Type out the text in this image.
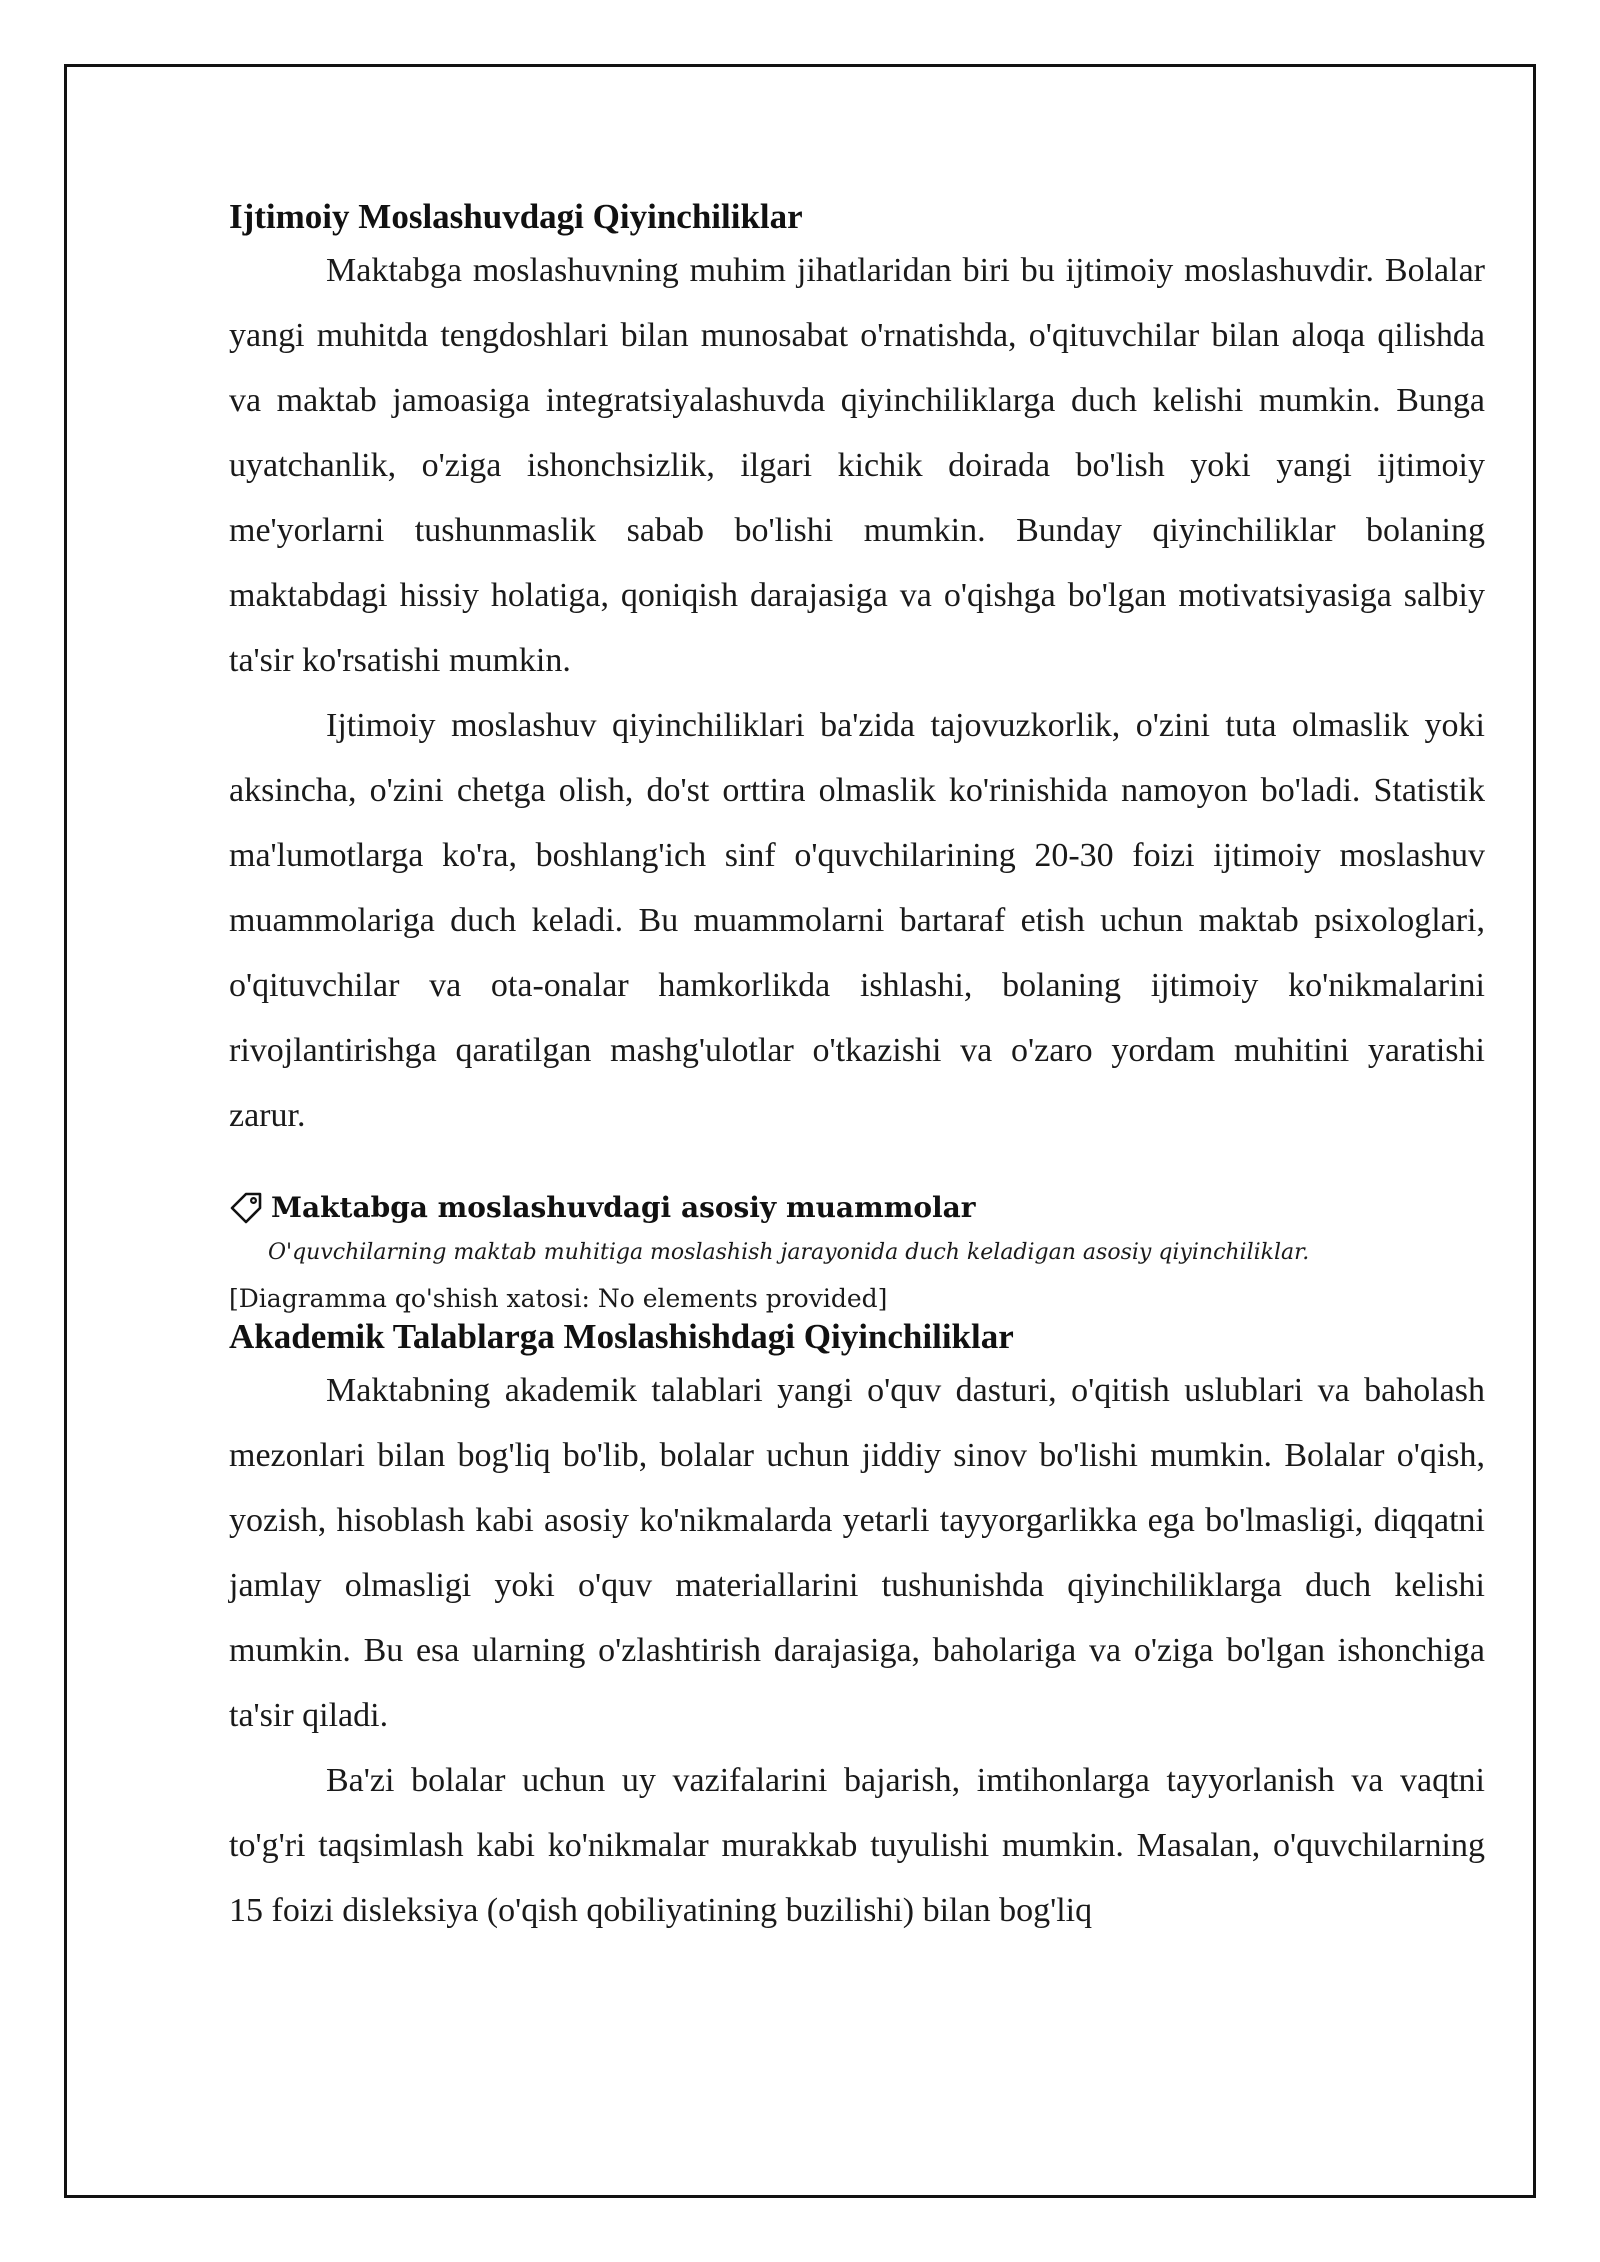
Ijtimoiy Moslashuvdagi Qiyinchiliklar

Maktabga moslashuvning muhim jihatlaridan biri bu ijtimoiy moslashuvdir. Bolalar yangi muhitda tengdoshlari bilan munosabat o'rnatishda, o'qituvchilar bilan aloqa qilishda va maktab jamoasiga integratsiyalashuvda qiyinchiliklarga duch kelishi mumkin. Bunga uyatchanlik, o'ziga ishonchsizlik, ilgari kichik doirada bo'lish yoki yangi ijtimoiy me'yorlarni tushunmaslik sabab bo'lishi mumkin. Bunday qiyinchiliklar bolaning maktabdagi hissiy holatiga, qoniqish darajasiga va o'qishga bo'lgan motivatsiyasiga salbiy ta'sir ko'rsatishi mumkin.

Ijtimoiy moslashuv qiyinchiliklari ba'zida tajovuzkorlik, o'zini tuta olmaslik yoki aksincha, o'zini chetga olish, do'st orttira olmaslik ko'rinishida namoyon bo'ladi. Statistik ma'lumotlarga ko'ra, boshlang'ich sinf o'quvchilarining 20-30 foizi ijtimoiy moslashuv muammolariga duch keladi. Bu muammolarni bartaraf etish uchun maktab psixologlari, o'qituvchilar va ota-onalar hamkorlikda ishlashi, bolaning ijtimoiy ko'nikmalarini rivojlantirishga qaratilgan mashg'ulotlar o'tkazishi va o'zaro yordam muhitini yaratishi zarur.

Maktabga moslashuvdagi asosiy muammolar
O'quvchilarning maktab muhitiga moslashish jarayonida duch keladigan asosiy qiyinchiliklar.
[Diagramma qo'shish xatosi: No elements provided]
Akademik Talablarga Moslashishdagi Qiyinchiliklar

Maktabning akademik talablari yangi o'quv dasturi, o'qitish uslublari va baholash mezonlari bilan bog'liq bo'lib, bolalar uchun jiddiy sinov bo'lishi mumkin. Bolalar o'qish, yozish, hisoblash kabi asosiy ko'nikmalarda yetarli tayyorgarlikka ega bo'lmasligi, diqqatni jamlay olmasligi yoki o'quv materiallarini tushunishda qiyinchiliklarga duch kelishi mumkin. Bu esa ularning o'zlashtirish darajasiga, baholariga va o'ziga bo'lgan ishonchiga ta'sir qiladi.

Ba'zi bolalar uchun uy vazifalarini bajarish, imtihonlarga tayyorlanish va vaqtni to'g'ri taqsimlash kabi ko'nikmalar murakkab tuyulishi mumkin. Masalan, o'quvchilarning 15 foizi disleksiya (o'qish qobiliyatining buzilishi) bilan bog'liq
